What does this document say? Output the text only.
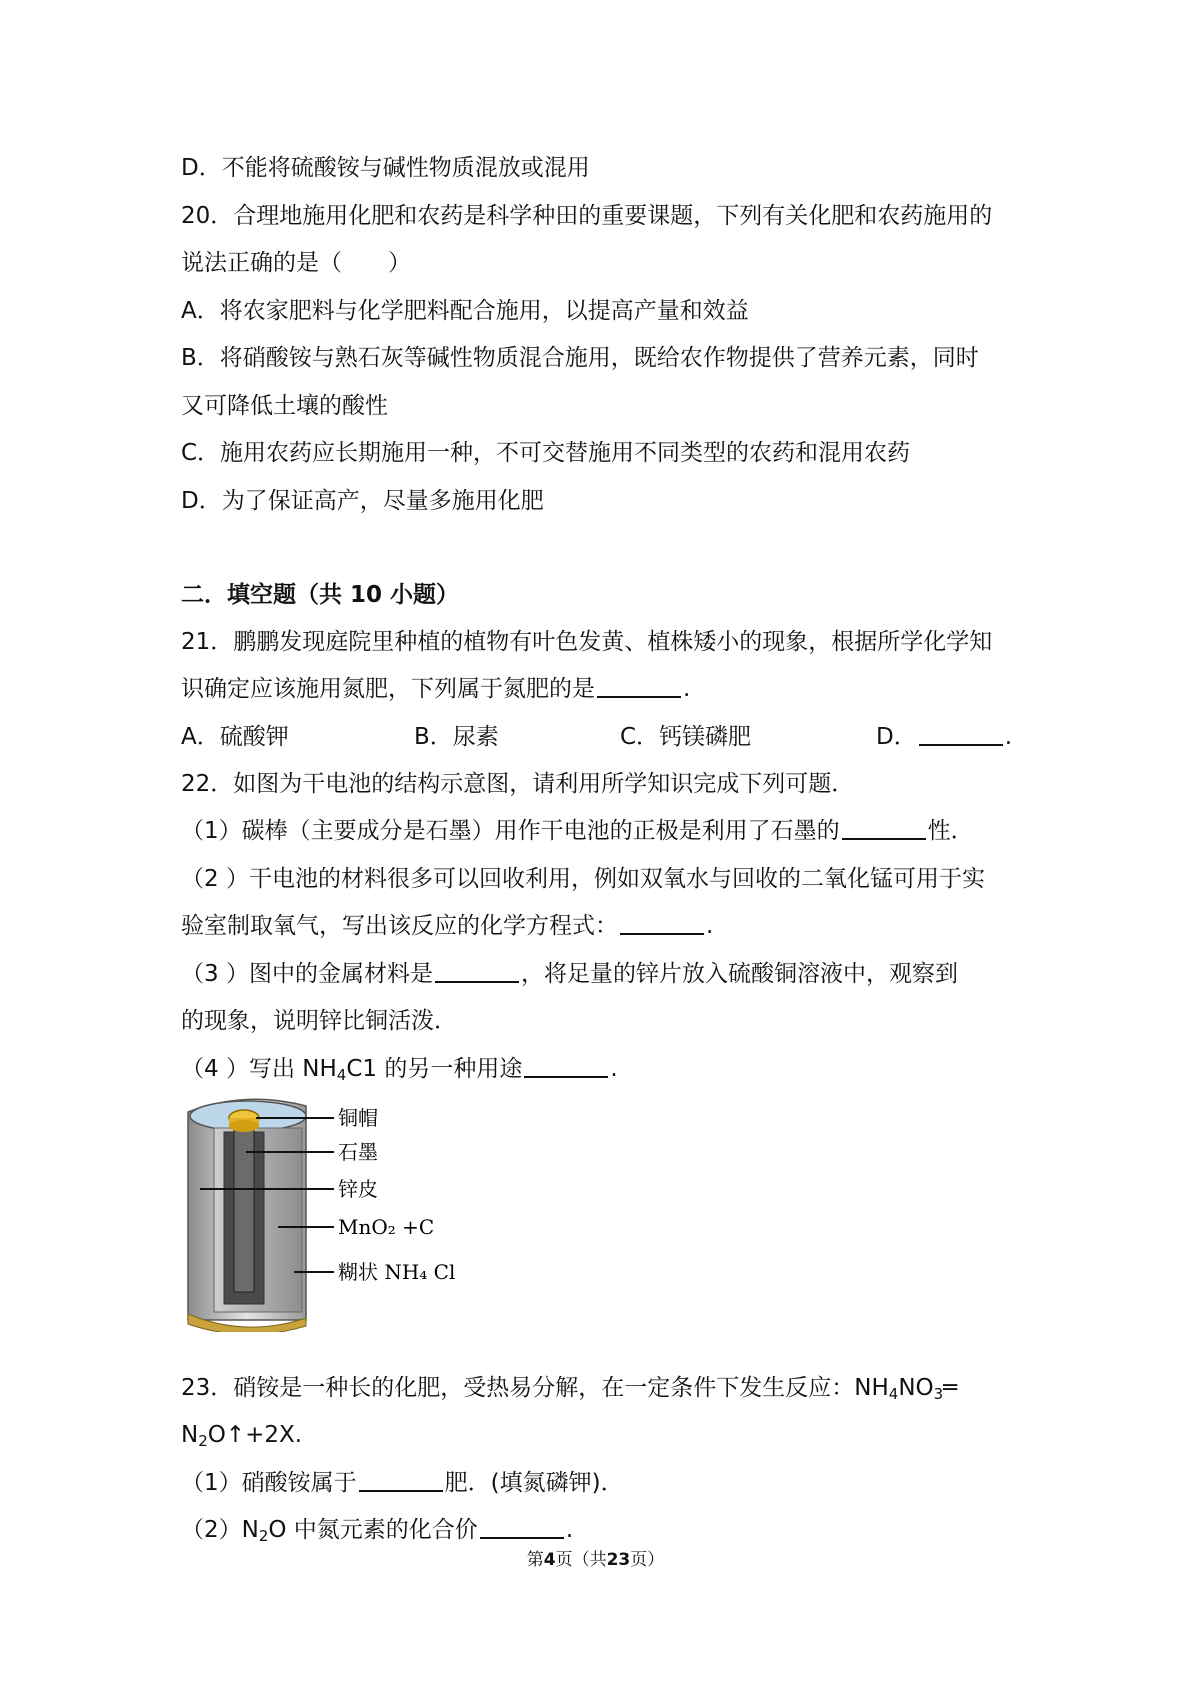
D．不能将硫酸铵与碱性物质混放或混用
20．合理地施用化肥和农药是科学种田的重要课题，下列有关化肥和农药施用的
说法正确的是（　　）
A．将农家肥料与化学肥料配合施用，以提高产量和效益
B．将硝酸铵与熟石灰等碱性物质混合施用，既给农作物提供了营养元素，同时
又可降低土壤的酸性
C．施用农药应长期施用一种，不可交替施用不同类型的农药和混用农药
D．为了保证高产，尽量多施用化肥
二．填空题（共 10 小题）
21．鹏鹏发现庭院里种植的植物有叶色发黄、植株矮小的现象，根据所学化学知
识确定应该施用氮肥，下列属于氮肥的是	.
A．硫酸钾	B．尿素	C．钙镁磷肥	D．	.
22．如图为干电池的结构示意图，请利用所学知识完成下列可题．
（1）碳棒（主要成分是石墨）用作干电池的正极是利用了石墨的	性．
（2 ）干电池的材料很多可以回收利用，例如双氧水与回收的二氧化锰可用于实
验室制取氧气，写出该反应的化学方程式：	.
（3 ）图中的金属材料是	，将足量的锌片放入硫酸铜溶液中，观察到
的现象，说明锌比铜活泼．
（4 ）写出 $NH_4C1$ 的另一种用途	.
铜帽
石墨
锌皮
MnO₂ +C
糊状 NH₄ Cl
23．硝铵是一种长的化肥，受热易分解，在一定条件下发生反应：$NH_4NO_3═$
$N_2O↑+2X$.
（1）硝酸铵属于	肥．(填氮磷钾)．
$(2)N_2O$ 中氮元素的化合价	.
第4页（共23页）
